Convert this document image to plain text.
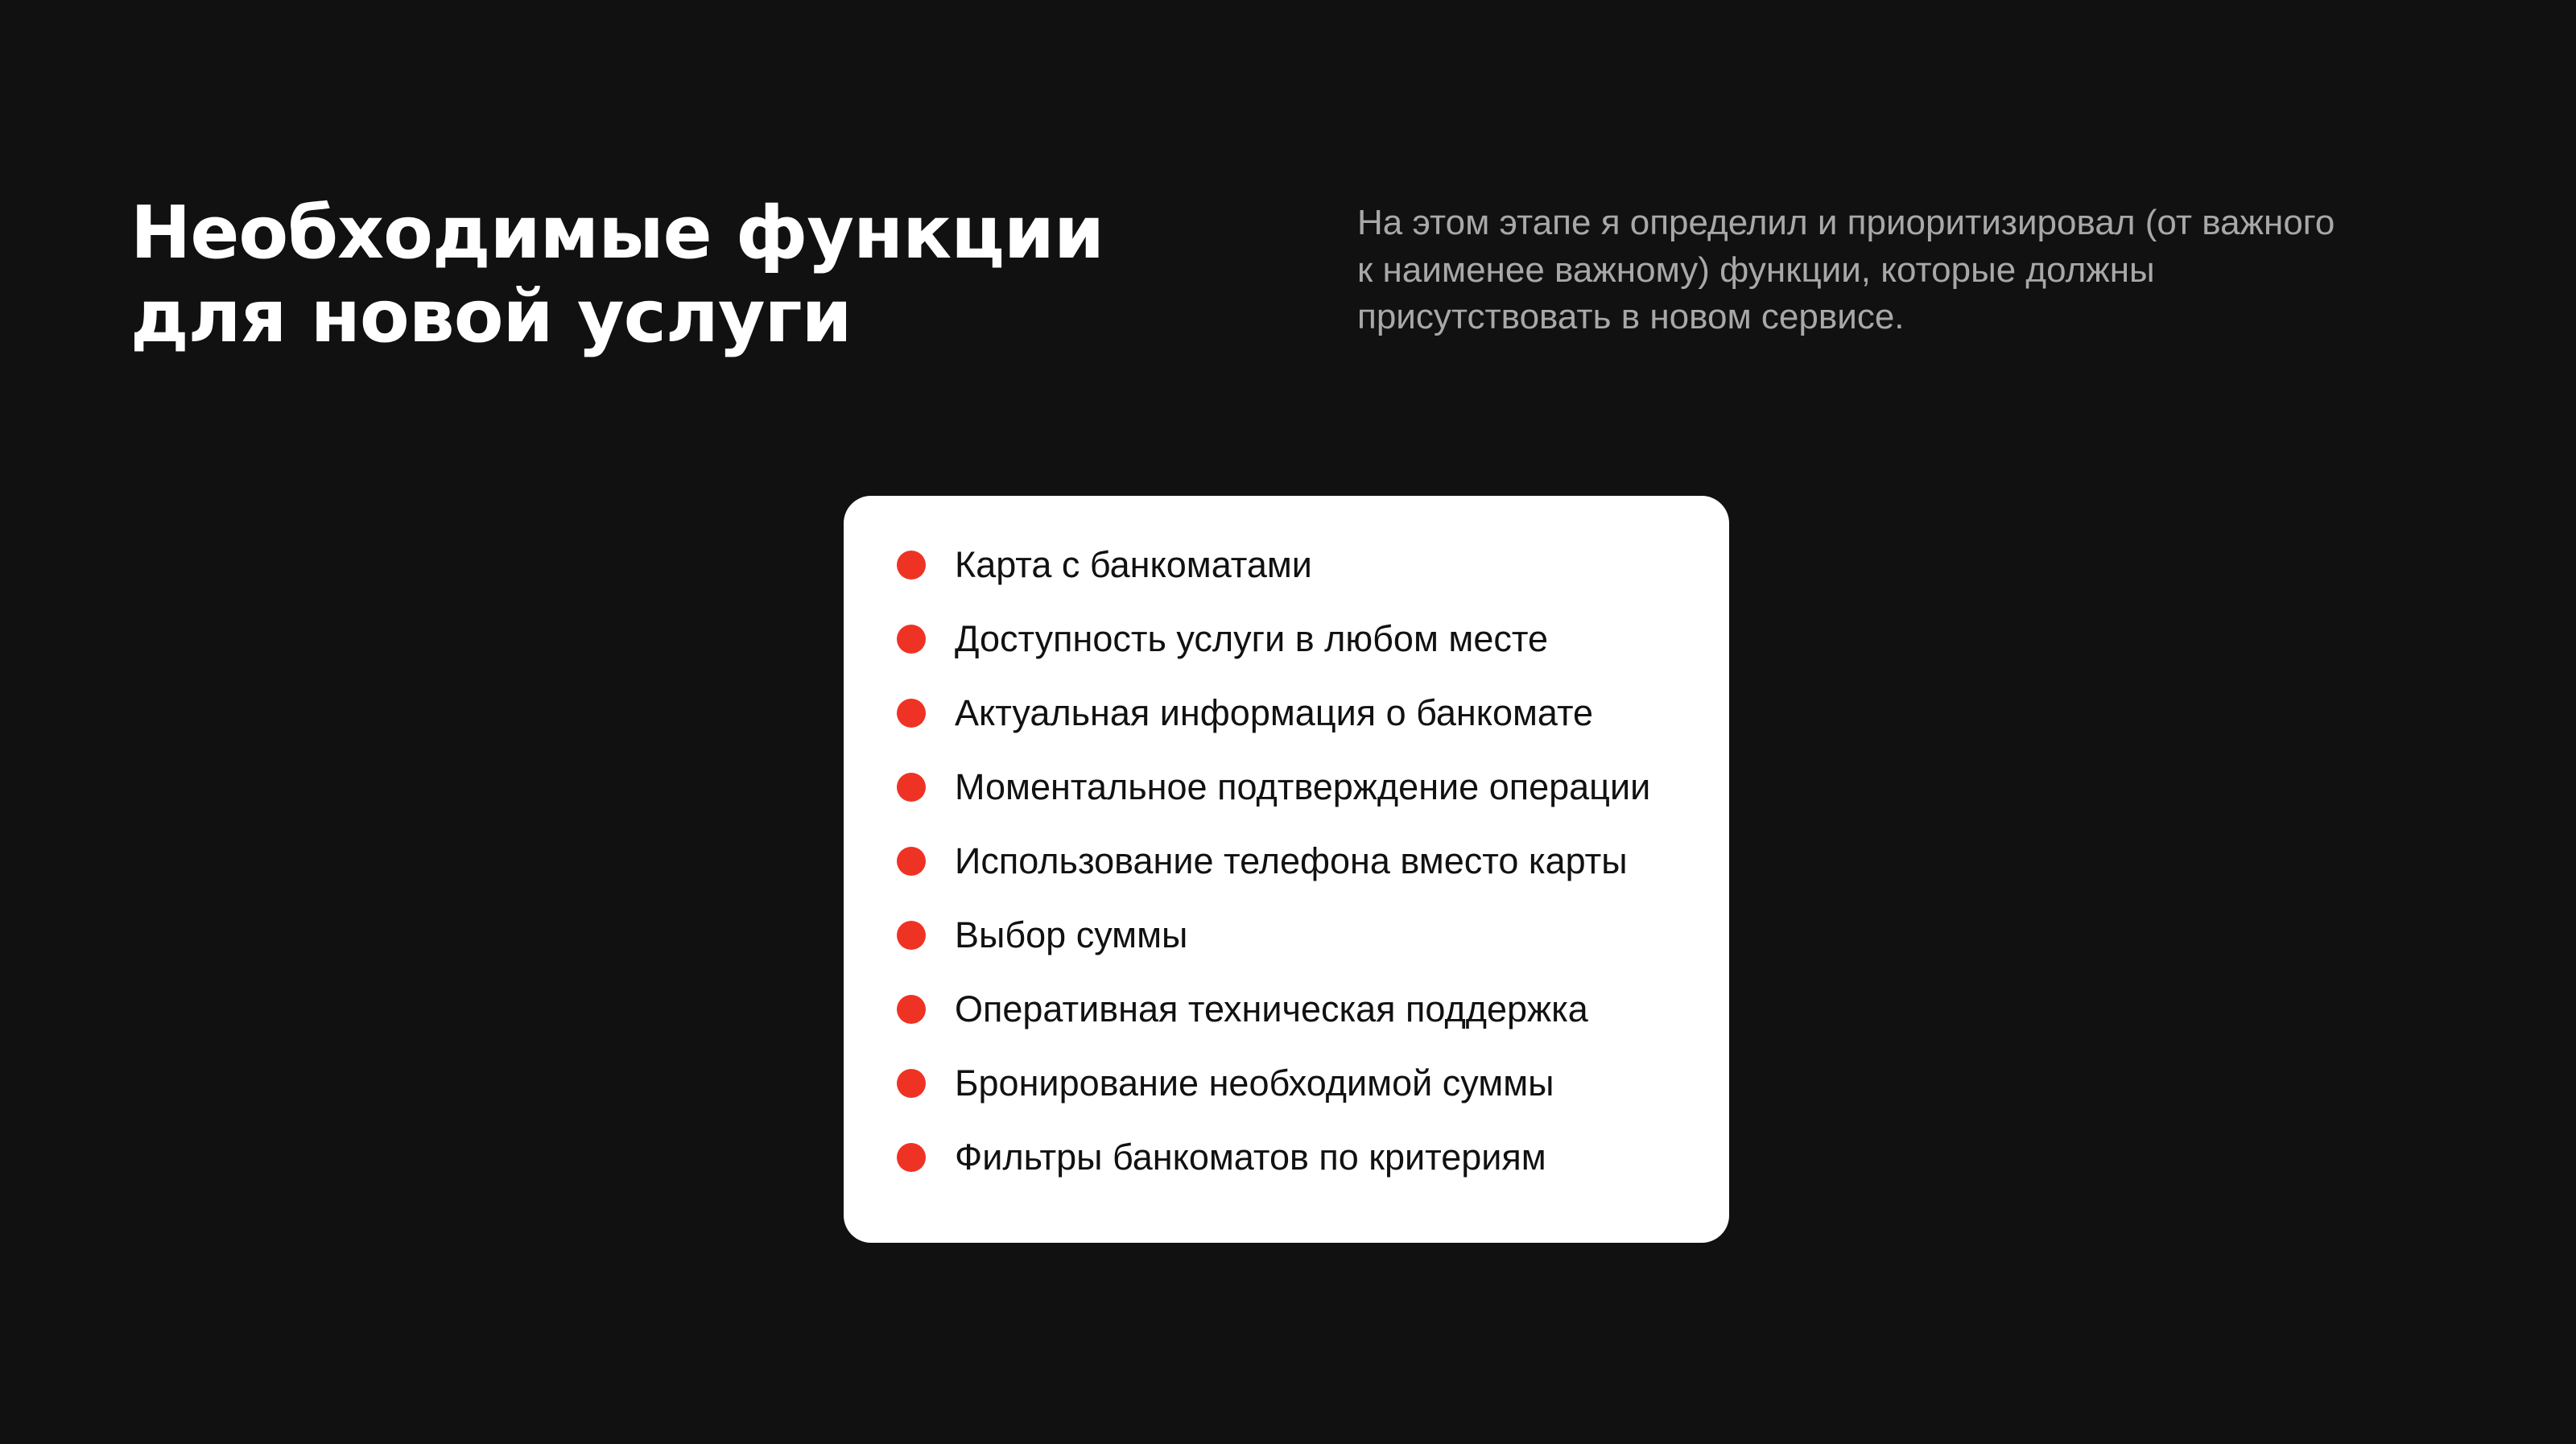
Необходимые функции
для новой услуги

На этом этапе я определил и приоритизировал (от важного
к наименее важному) функции, которые должны
присутствовать в новом сервисе.

Карта с банкоматами
Доступность услуги в любом месте
Актуальная информация о банкомате
Моментальное подтверждение операции
Использование телефона вместо карты
Выбор суммы
Оперативная техническая поддержка
Бронирование необходимой суммы
Фильтры банкоматов по критериям
